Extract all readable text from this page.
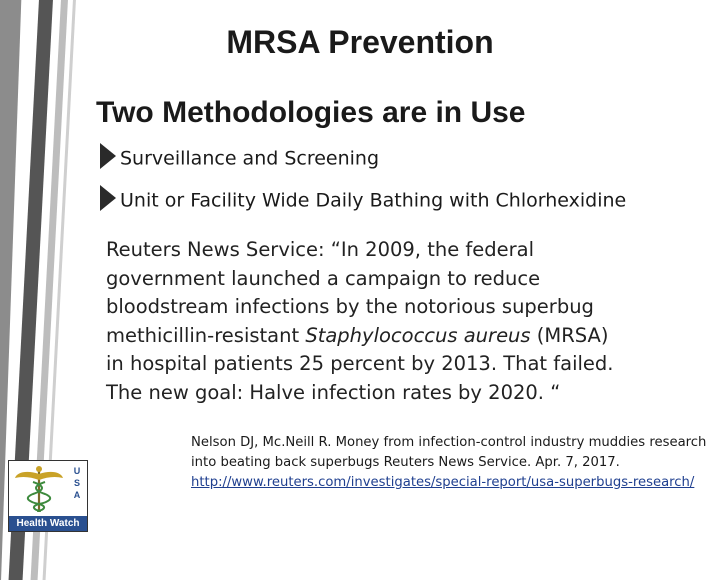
MRSA Prevention
Two Methodologies are in Use
Surveillance and Screening
Unit or Facility Wide Daily Bathing with Chlorhexidine
Reuters News Service: “In 2009, the federal government launched a campaign to reduce bloodstream infections by the notorious superbug methicillin-resistant Staphylococcus aureus (MRSA) in hospital patients 25 percent by 2013. That failed. The new goal: Halve infection rates by 2020. “
Nelson DJ, Mc.Neill R. Money from infection-control industry muddies research into beating back superbugs Reuters News Service. Apr. 7, 2017. http://www.reuters.com/investigates/special-report/usa-superbugs-research/
U
S
A
Health Watch
